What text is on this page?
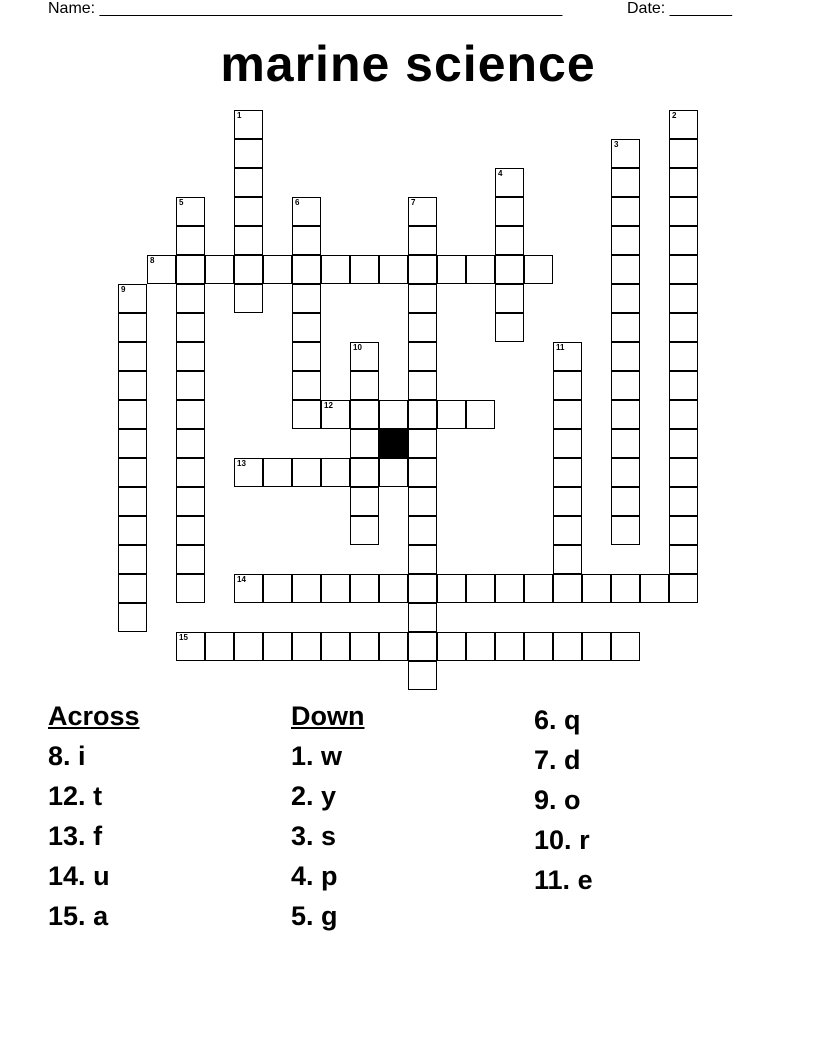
Name: ____________________________________________________	Date: _______
marine science
8
12
13
14
15
1	2
3
4
5	6	7
9
10	11
Across
8. i
12. t
13. f
14. u
15. a
Down
1. w
2. y
3. s
4. p
5. g
6. q
7. d
9. o
10. r
11. e
